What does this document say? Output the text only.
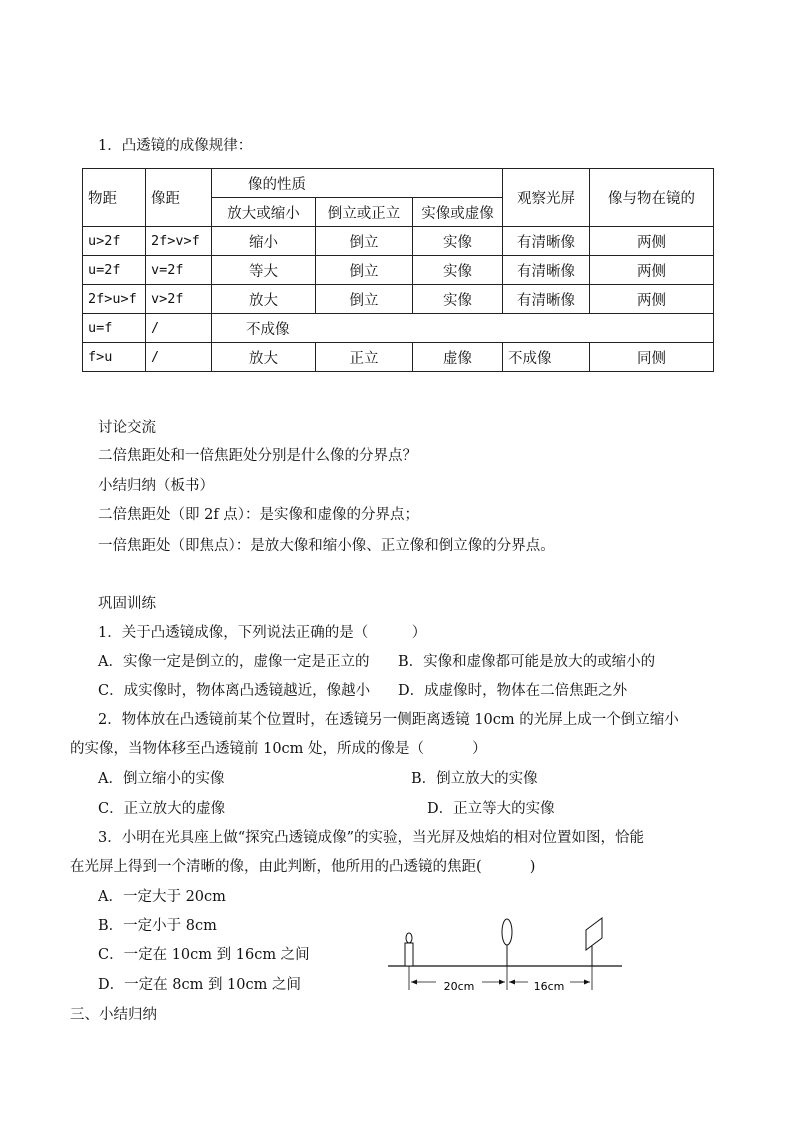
1．凸透镜的成像规律：
物距	像距	像的性质			观察光屏	像与物在镜的
		放大或缩小	倒立或正立	实像或虚像		
u>2f	2f>v>f	缩小	倒立	实像	有清晰像	两侧
u=2f	v=2f	等大	倒立	实像	有清晰像	两侧
2f>u>f	v>2f	放大	倒立	实像	有清晰像	两侧
u=f	/	不成像				
f>u	/	放大	正立	虚像	不成像	同侧
讨论交流
二倍焦距处和一倍焦距处分别是什么像的分界点？
小结归纳（板书）
二倍焦距处（即 2f 点）：是实像和虚像的分界点；
一倍焦距处（即焦点）：是放大像和缩小像、正立像和倒立像的分界点。
巩固训练
1．关于凸透镜成像，下列说法正确的是（　　　）
A．实像一定是倒立的，虚像一定是正立的 B．实像和虚像都可能是放大的或缩小的
C．成实像时，物体离凸透镜越近，像越小 D．成虚像时，物体在二倍焦距之外
2．物体放在凸透镜前某个位置时，在透镜另一侧距离透镜 10cm 的光屏上成一个倒立缩小
的实像，当物体移至凸透镜前 10cm 处，所成的像是（　　　 ）
A．倒立缩小的实像	B．倒立放大的实像
C．正立放大的虚像	D．正立等大的实像
3．小明在光具座上做“探究凸透镜成像”的实验，当光屏及烛焰的相对位置如图，恰能
在光屏上得到一个清晰的像，由此判断，他所用的凸透镜的焦距(　　　 )
A．一定大于 20cm
B．一定小于 8cm
C．一定在 10cm 到 16cm 之间
D．一定在 8cm 到 10cm 之间	20cm	16cm
三、小结归纳
